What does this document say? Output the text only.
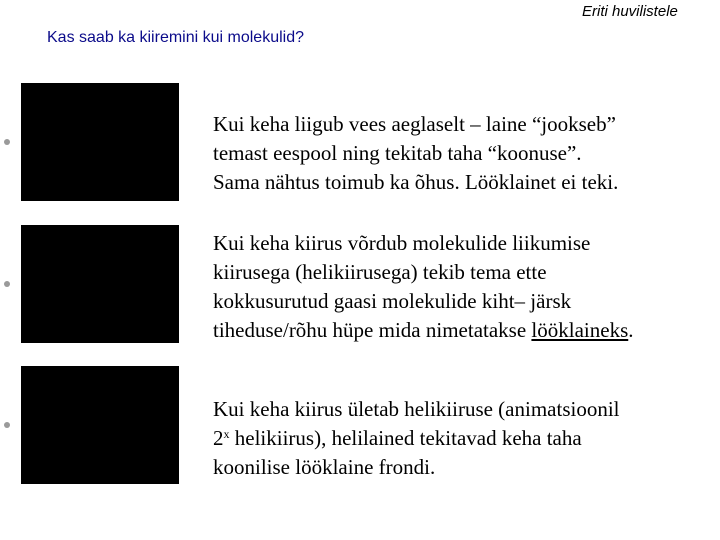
Kas saab ka kiiremini kui molekulid?
Eriti huvilistele
Kui keha liigub vees aeglaselt – laine “jookseb”
temast eespool ning tekitab taha “koonuse”.
Sama nähtus toimub ka õhus. Lööklainet ei teki.
Kui keha kiirus võrdub molekulide liikumise
kiirusega (helikiirusega) tekib tema ette
kokkusurutud gaasi molekulide kiht– järsk
tiheduse/rõhu hüpe mida nimetatakse lööklaineks.
Kui keha kiirus ületab helikiiruse (animatsioonil
2$^x$ helikiirus), helilained tekitavad keha taha
koonilise lööklaine frondi.
